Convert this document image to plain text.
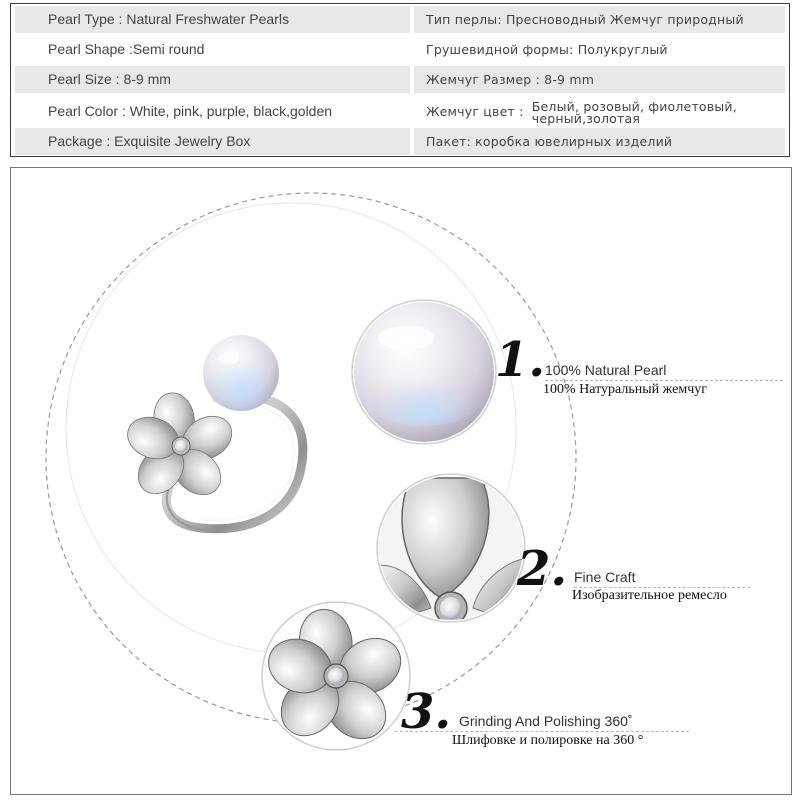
Pearl Type : Natural Freshwater Pearls	Тип перлы: Пресноводный Жемчуг природный
Pearl Shape :Semi round	Грушевидной формы: Полукруглый
Pearl Size : 8-9 mm	Жемчуг Размер : 8-9 mm
Pearl Color : White, pink, purple, black,golden	Жемчуг цвет : Белый, розовый, фиолетовый, черный,золотая
Package : Exquisite Jewelry Box	Пакет: коробка ювелирных изделий
1. 100% Natural Pearl
100% Натуральный жемчуг
2. Fine Craft
Изобразительное ремесло
3. Grinding And Polishing 360˚
Шлифовке и полировке на 360 °
